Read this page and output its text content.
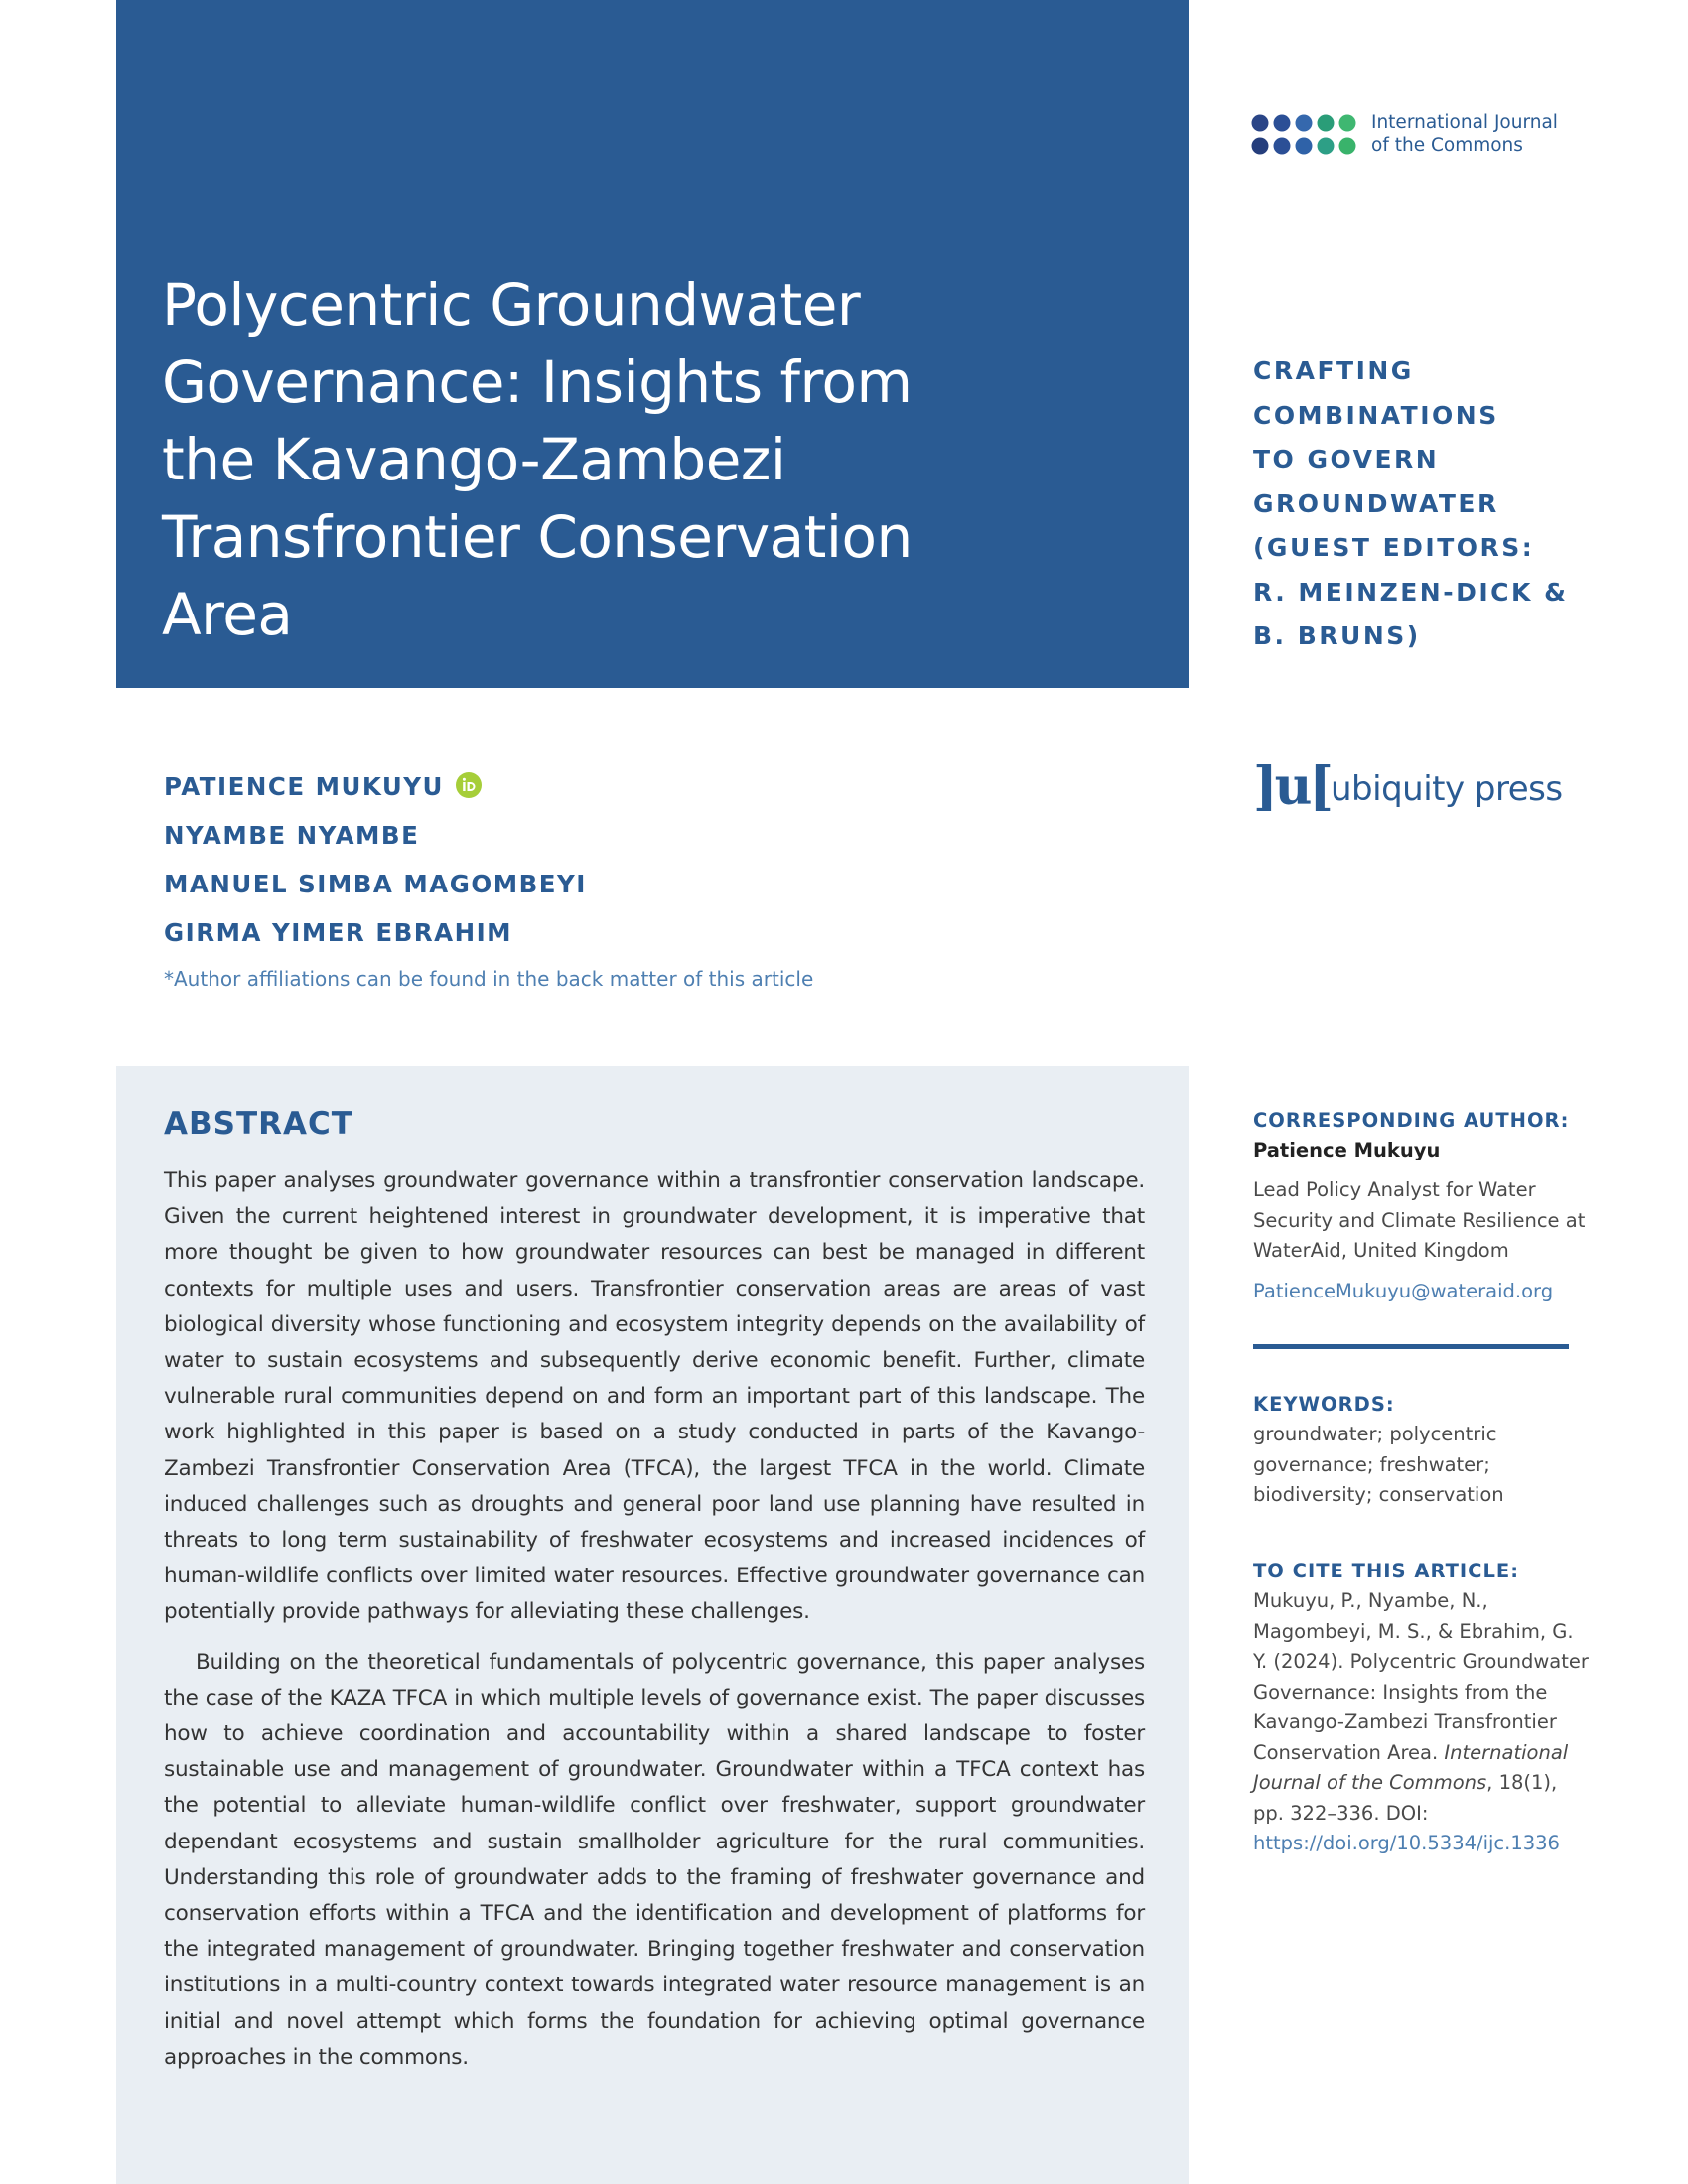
Polycentric Groundwater Governance: Insights from the Kavango-Zambezi Transfrontier Conservation Area
International Journal
of the Commons
CRAFTING
COMBINATIONS
TO GOVERN
GROUNDWATER
(GUEST EDITORS:
R. MEINZEN-DICK &
B. BRUNS)
PATIENCE MUKUYU
NYAMBE NYAMBE
MANUEL SIMBA MAGOMBEYI
GIRMA YIMER EBRAHIM
*Author affiliations can be found in the back matter of this article
]u[ ubiquity press
ABSTRACT

This paper analyses groundwater governance within a transfrontier conservation landscape. Given the current heightened interest in groundwater development, it is imperative that more thought be given to how groundwater resources can best be managed in different contexts for multiple uses and users. Transfrontier conservation areas are areas of vast biological diversity whose functioning and ecosystem integrity depends on the availability of water to sustain ecosystems and subsequently derive economic benefit. Further, climate vulnerable rural communities depend on and form an important part of this landscape. The work highlighted in this paper is based on a study conducted in parts of the Kavango-Zambezi Transfrontier Conservation Area (TFCA), the largest TFCA in the world. Climate induced challenges such as droughts and general poor land use planning have resulted in threats to long term sustainability of freshwater ecosystems and increased incidences of human-wildlife conflicts over limited water resources. Effective groundwater governance can potentially provide pathways for alleviating these challenges.

Building on the theoretical fundamentals of polycentric governance, this paper analyses the case of the KAZA TFCA in which multiple levels of governance exist. The paper discusses how to achieve coordination and accountability within a shared landscape to foster sustainable use and management of groundwater. Groundwater within a TFCA context has the potential to alleviate human-wildlife conflict over freshwater, support groundwater dependant ecosystems and sustain smallholder agriculture for the rural communities. Understanding this role of groundwater adds to the framing of freshwater governance and conservation efforts within a TFCA and the identification and development of platforms for the integrated management of groundwater. Bringing together freshwater and conservation institutions in a multi-country context towards integrated water resource management is an initial and novel attempt which forms the foundation for achieving optimal governance approaches in the commons.

CORRESPONDING AUTHOR:
Patience Mukuyu
Lead Policy Analyst for Water Security and Climate Resilience at WaterAid, United Kingdom
PatienceMukuyu@wateraid.org
KEYWORDS:
groundwater; polycentric governance; freshwater; biodiversity; conservation
TO CITE THIS ARTICLE:
Mukuyu, P., Nyambe, N., Magombeyi, M. S., & Ebrahim, G. Y. (2024). Polycentric Groundwater Governance: Insights from the Kavango-Zambezi Transfrontier Conservation Area. International Journal of the Commons, 18(1), pp. 322–336. DOI: https://doi.org/10.5334/ijc.1336
